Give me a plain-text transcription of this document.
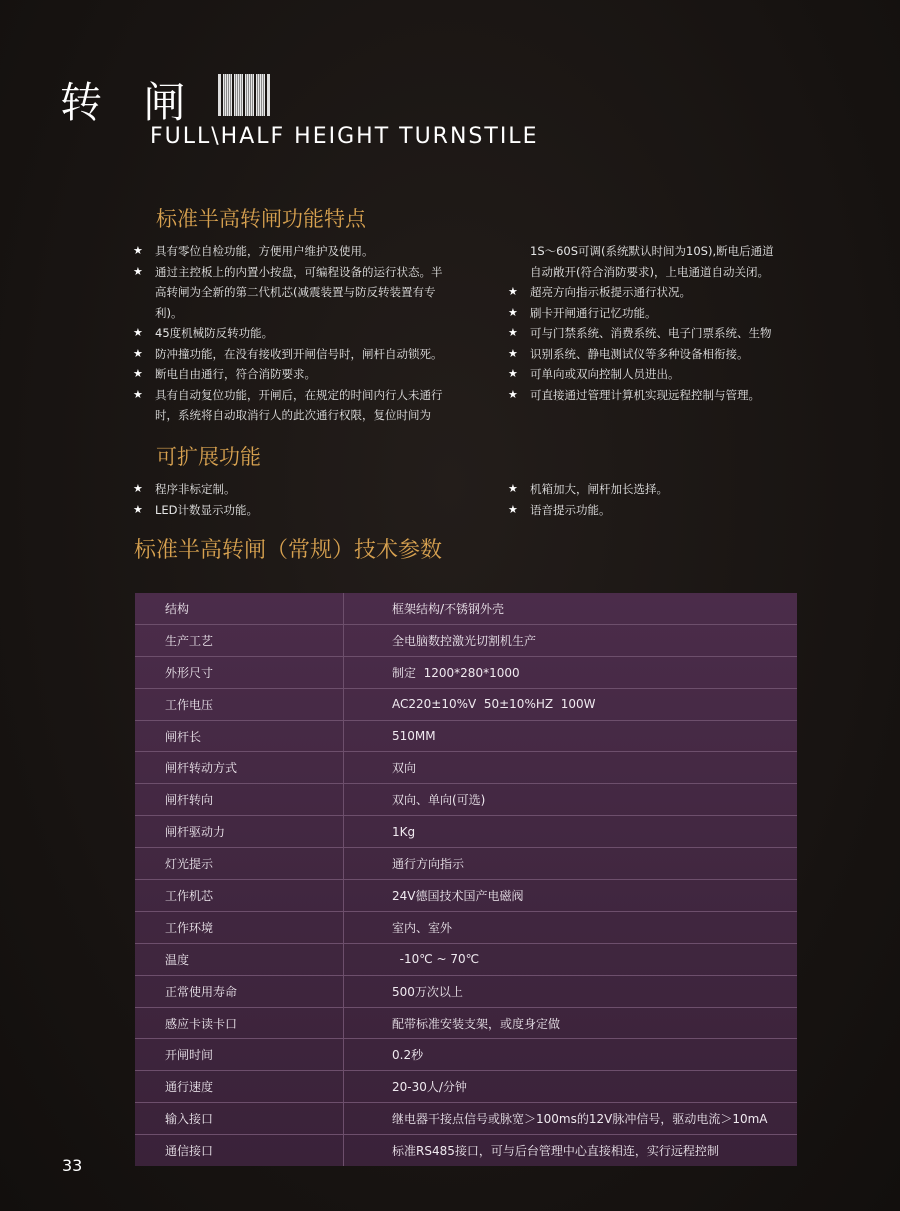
转 闸
FULL\HALF HEIGHT TURNSTILE
标准半高转闸功能特点
★ 具有零位自检功能，方便用户维护及使用。
★ 通过主控板上的内置小按盘，可编程设备的运行状态。半
高转闸为全新的第二代机芯(减震装置与防反转装置有专
利)。
★ 45度机械防反转功能。
★ 防冲撞功能，在没有接收到开闸信号时，闸杆自动锁死。
★ 断电自由通行，符合消防要求。
★ 具有自动复位功能，开闸后，在规定的时间内行人未通行
时，系统将自动取消行人的此次通行权限，复位时间为
1S～60S可调(系统默认时间为10S),断电后通道
自动敞开(符合消防要求)，上电通道自动关闭。
★ 超亮方向指示板提示通行状况。
★ 刷卡开闸通行记忆功能。
★ 可与门禁系统、消费系统、电子门票系统、生物
★ 识别系统、静电测试仪等多种设备相衔接。
★ 可单向或双向控制人员进出。
★ 可直接通过管理计算机实现远程控制与管理。
可扩展功能
★ 程序非标定制。
★ LED计数显示功能。
★ 机箱加大，闸杆加长选择。
★ 语音提示功能。
标准半高转闸（常规）技术参数
结构	框架结构/不锈钢外壳
生产工艺	全电脑数控激光切割机生产
外形尺寸	制定  1200*280*1000
工作电压	AC220±10%V  50±10%HZ  100W
闸杆长	510MM
闸杆转动方式	双向
闸杆转向	双向、单向(可选)
闸杆驱动力	1Kg
灯光提示	通行方向指示
工作机芯	24V德国技术国产电磁阀
工作环境	室内、室外
温度	-10℃ ~ 70℃
正常使用寿命	500万次以上
感应卡读卡口	配带标准安装支架，或度身定做
开闸时间	0.2秒
通行速度	20-30人/分钟
输入接口	继电器干接点信号或脉宽＞100ms的12V脉冲信号，驱动电流＞10mA
通信接口	标准RS485接口，可与后台管理中心直接相连，实行远程控制
33
